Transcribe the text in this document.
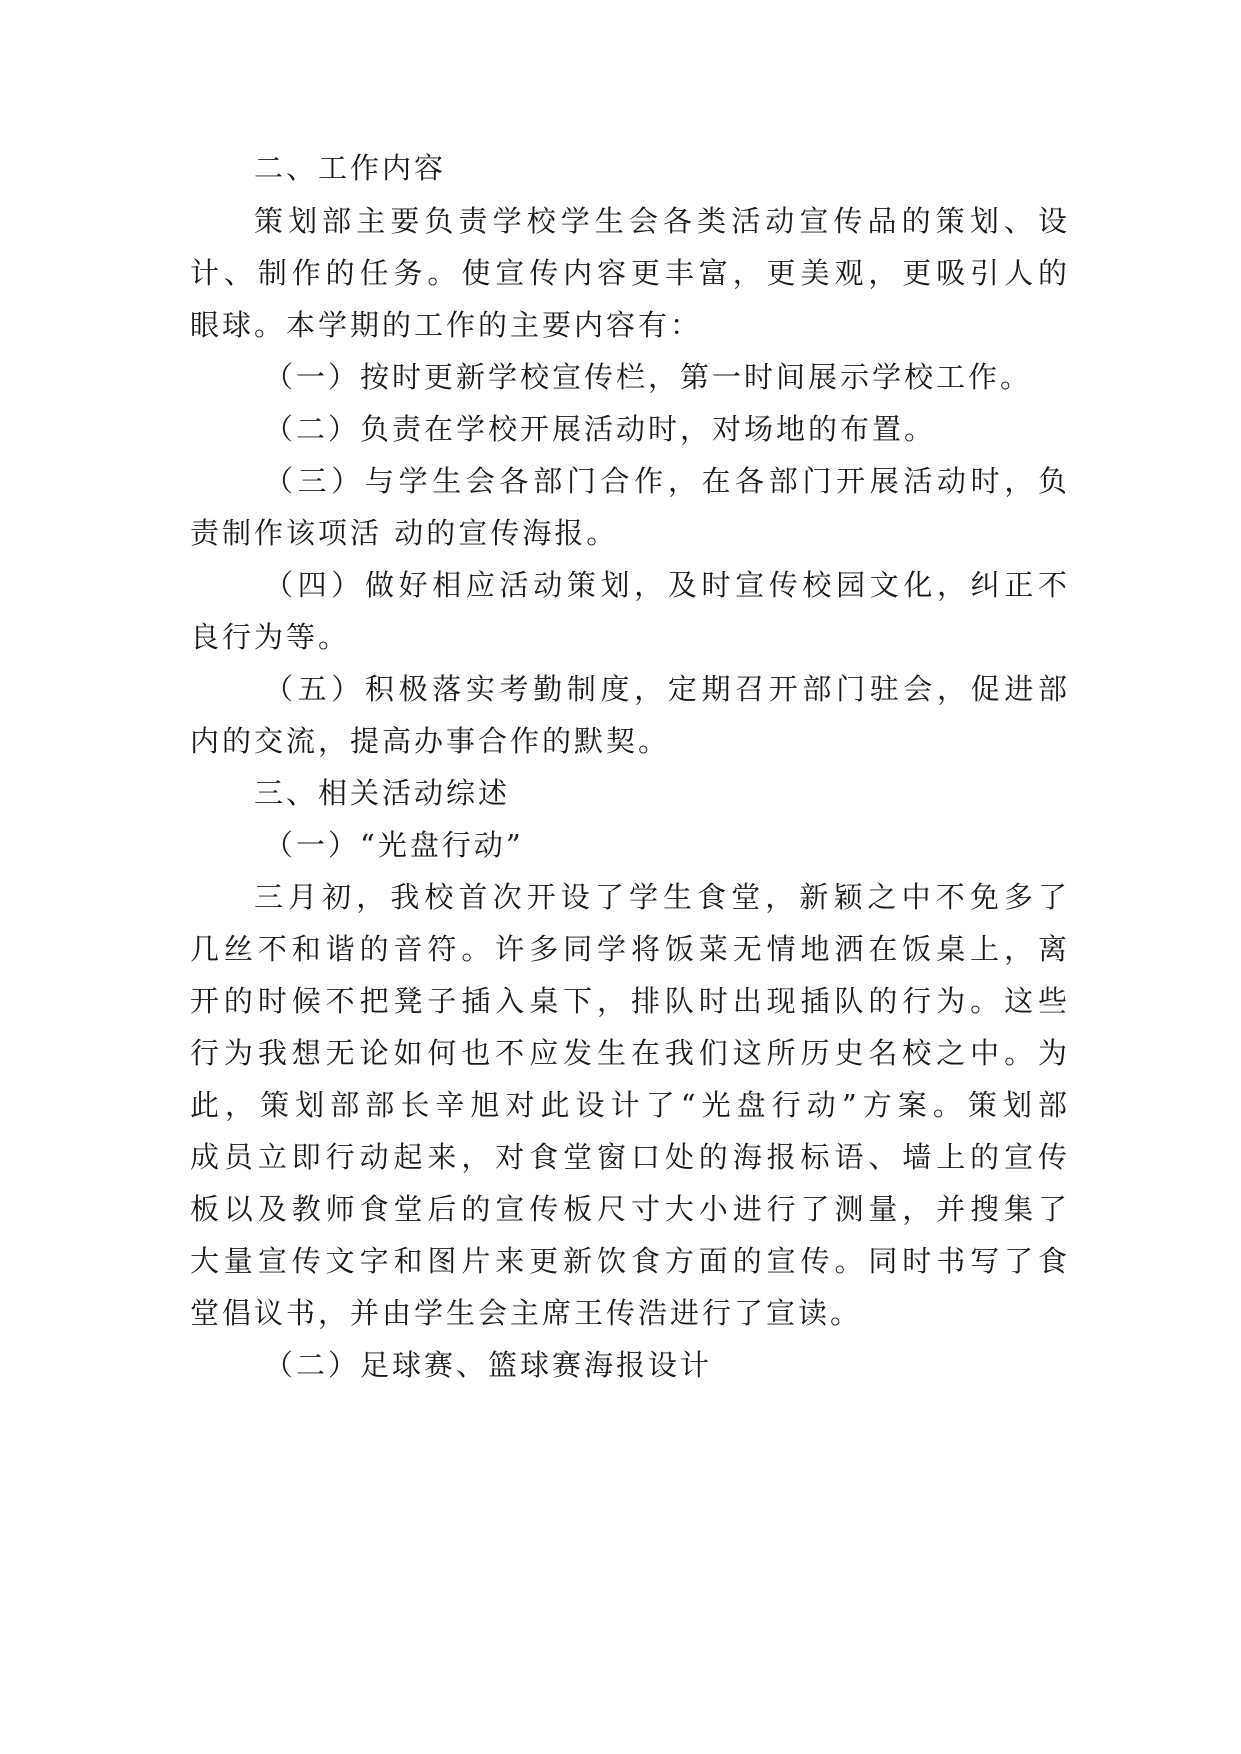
二、工作内容
策划部主要负责学校学生会各类活动宣传品的策划、设
计、制作的任务。使宣传内容更丰富，更美观，更吸引人的
眼球。本学期的工作的主要内容有：
（一）按时更新学校宣传栏，第一时间展示学校工作。
（二）负责在学校开展活动时，对场地的布置。
（三）与学生会各部门合作，在各部门开展活动时，负
责制作该项活 动的宣传海报。
（四）做好相应活动策划，及时宣传校园文化，纠正不
良行为等。
（五）积极落实考勤制度，定期召开部门驻会，促进部
内的交流，提高办事合作的默契。
三、相关活动综述
（一）“光盘行动”
三月初，我校首次开设了学生食堂，新颖之中不免多了
几丝不和谐的音符。许多同学将饭菜无情地洒在饭桌上，离
开的时候不把凳子插入桌下，排队时出现插队的行为。这些
行为我想无论如何也不应发生在我们这所历史名校之中。为
此，策划部部长辛旭对此设计了“光盘行动”方案。策划部
成员立即行动起来，对食堂窗口处的海报标语、墙上的宣传
板以及教师食堂后的宣传板尺寸大小进行了测量，并搜集了
大量宣传文字和图片来更新饮食方面的宣传。同时书写了食
堂倡议书，并由学生会主席王传浩进行了宣读。
（二）足球赛、篮球赛海报设计
